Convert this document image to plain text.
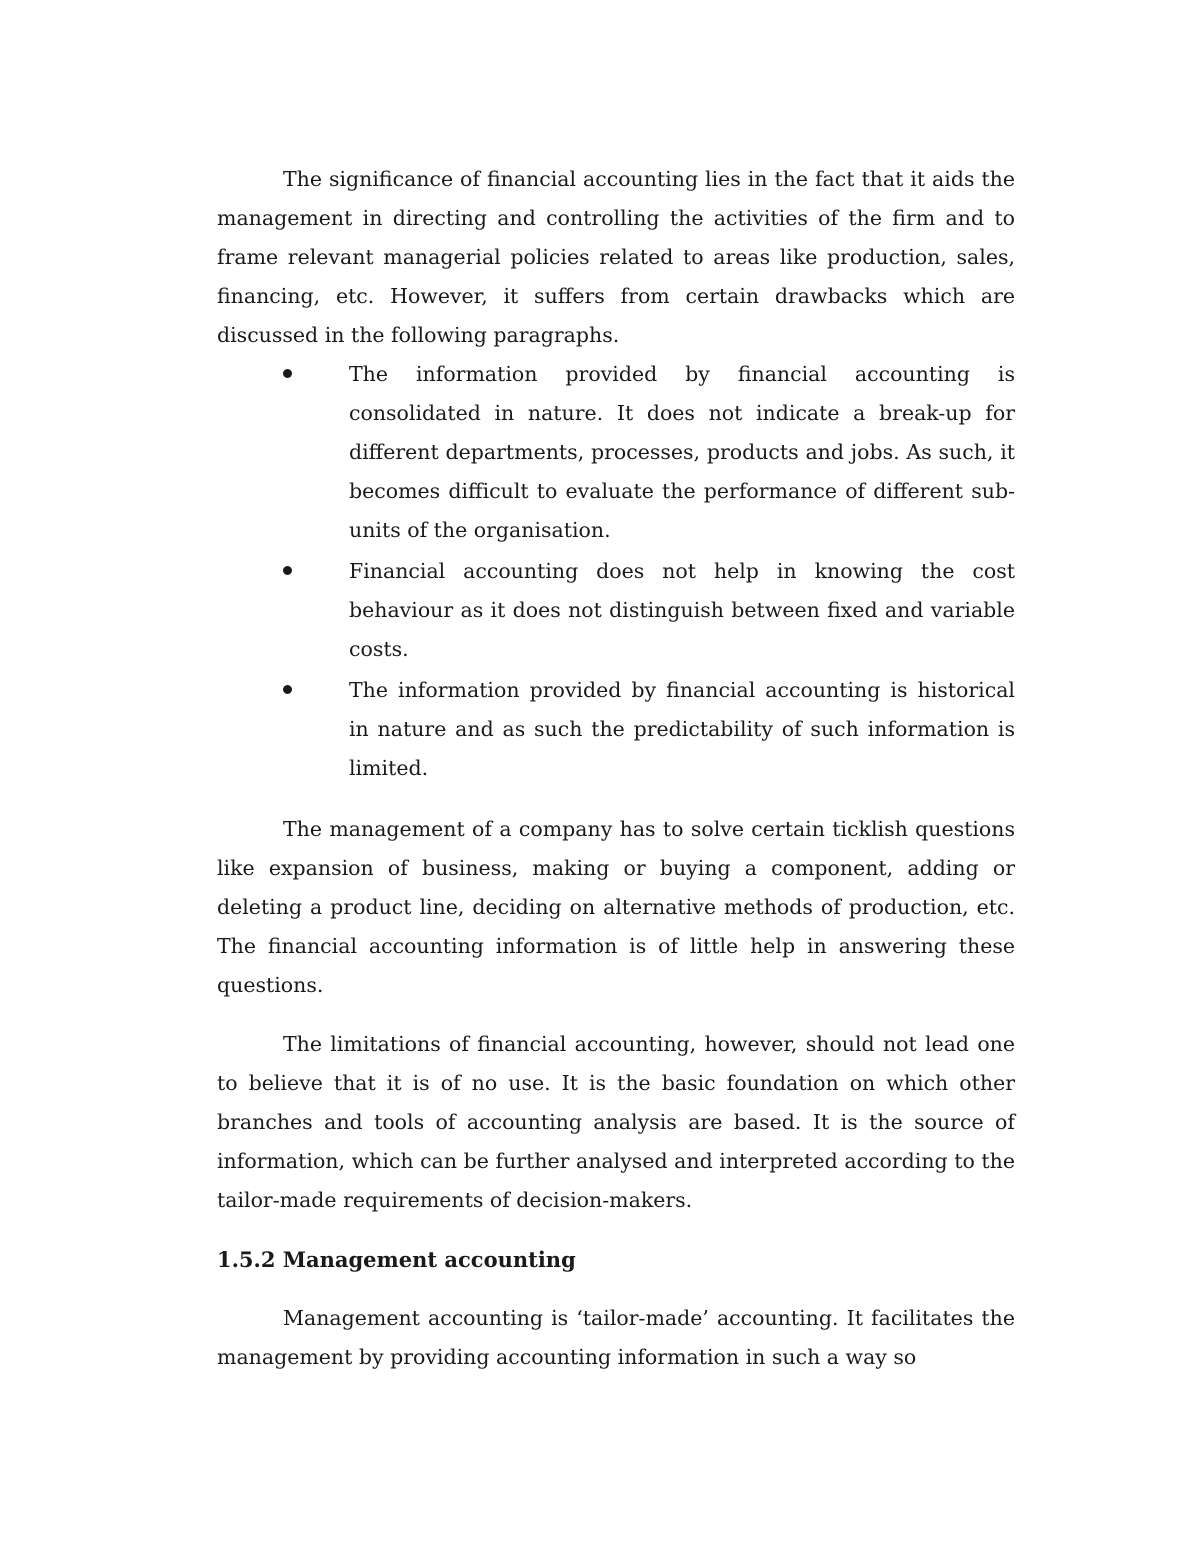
The significance of financial accounting lies in the fact that it aids the management in directing and controlling the activities of the firm and to frame relevant managerial policies related to areas like production, sales, financing, etc. However, it suffers from certain drawbacks which are discussed in the following paragraphs.

The information provided by financial accounting is consolidated in nature. It does not indicate a break-up for different departments, processes, products and jobs. As such, it becomes difficult to evaluate the performance of different sub-units of the organisation.
Financial accounting does not help in knowing the cost behaviour as it does not distinguish between fixed and variable costs.
The information provided by financial accounting is historical in nature and as such the predictability of such information is limited.

The management of a company has to solve certain ticklish questions like expansion of business, making or buying a component, adding or deleting a product line, deciding on alternative methods of production, etc. The financial accounting information is of little help in answering these questions.

The limitations of financial accounting, however, should not lead one to believe that it is of no use. It is the basic foundation on which other branches and tools of accounting analysis are based. It is the source of information, which can be further analysed and interpreted according to the tailor-made requirements of decision-makers.

1.5.2 Management accounting

Management accounting is ‘tailor-made’ accounting. It facilitates the management by providing accounting information in such a way so
